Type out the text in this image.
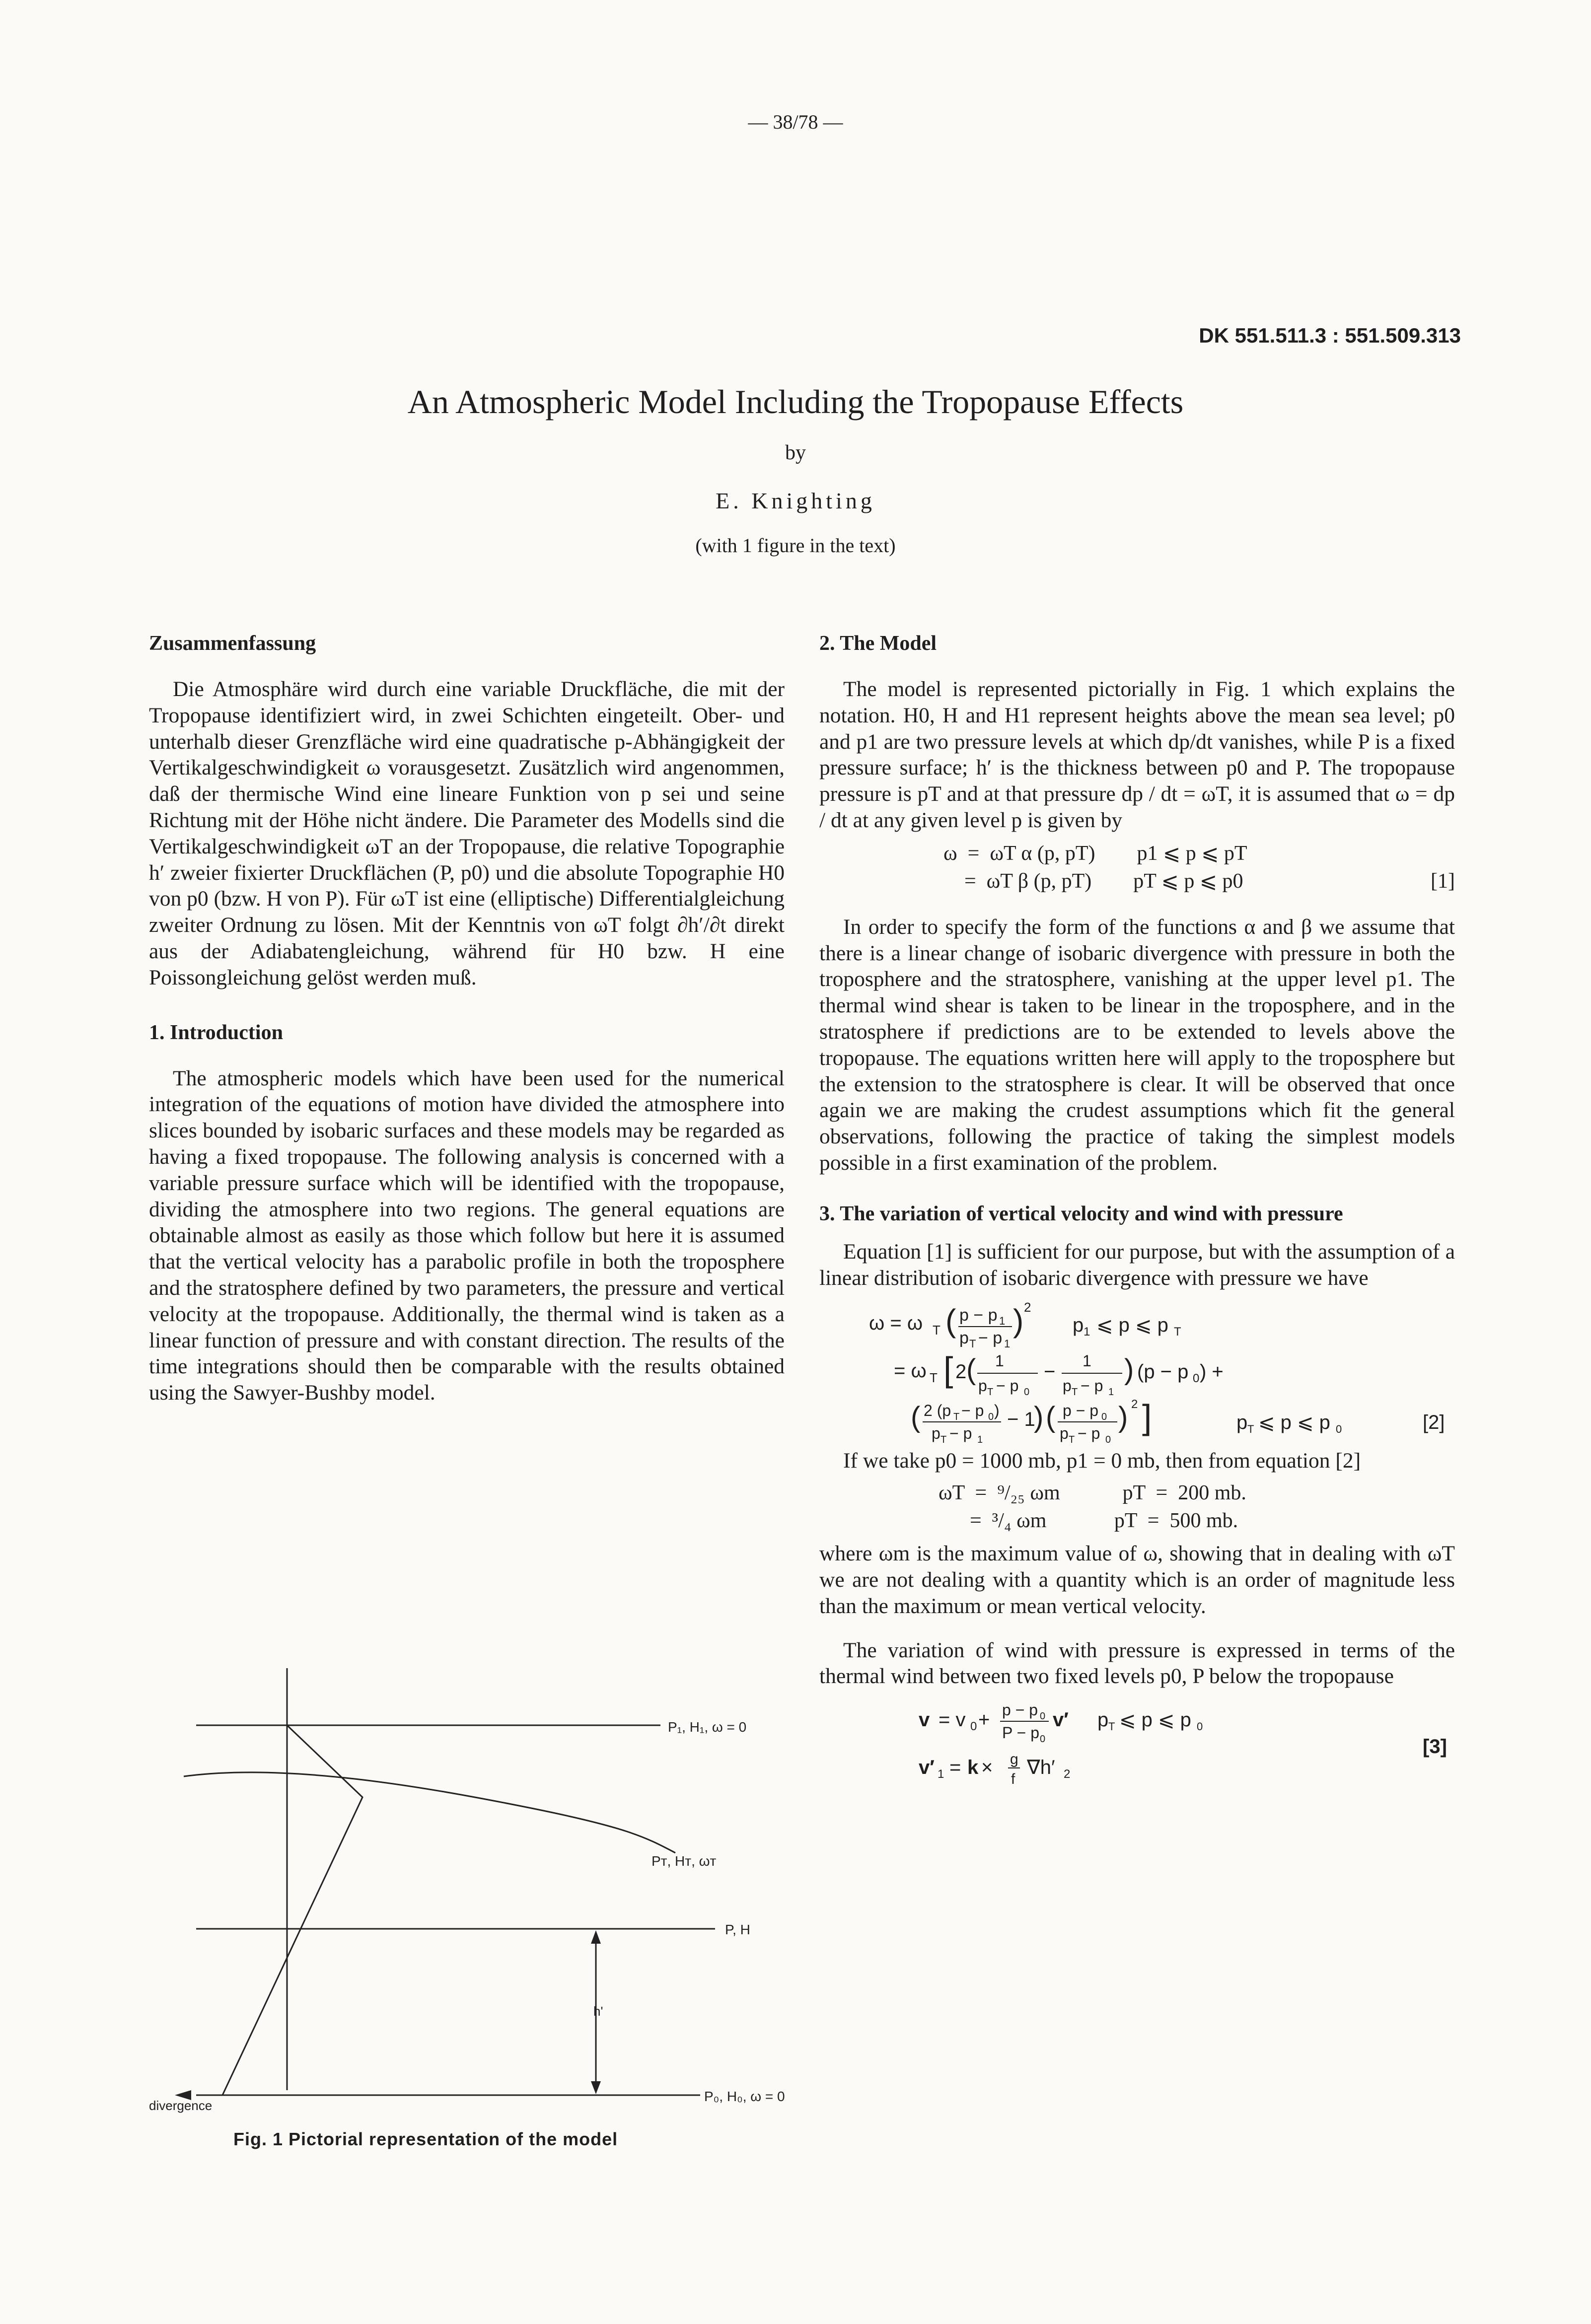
— 38/78 —
DK 551.511.3 : 551.509.313
An Atmospheric Model Including the Tropopause Effects
by
E. Knighting
(with 1 figure in the text)
Zusammenfassung

Die Atmosphäre wird durch eine variable Druckfläche, die mit der Tropopause identifiziert wird, in zwei Schichten eingeteilt. Ober- und unterhalb dieser Grenzfläche wird eine quadratische p-Abhängigkeit der Vertikalgeschwindigkeit ω vorausgesetzt. Zusätzlich wird angenommen, daß der thermische Wind eine lineare Funktion von p sei und seine Richtung mit der Höhe nicht ändere. Die Parameter des Modells sind die Vertikalgeschwindigkeit ωT an der Tropopause, die relative Topographie h′ zweier fixierter Druckflächen (P, p0) und die absolute Topographie H0 von p0 (bzw. H von P). Für ωT ist eine (elliptische) Differentialgleichung zweiter Ordnung zu lösen. Mit der Kenntnis von ωT folgt ∂h′/∂t direkt aus der Adiabatengleichung, während für H0 bzw. H eine Poissongleichung gelöst werden muß.

1. Introduction

The atmospheric models which have been used for the numerical integration of the equations of motion have divided the atmosphere into slices bounded by isobaric surfaces and these models may be regarded as having a fixed tropopause. The following analysis is concerned with a variable pressure surface which will be identified with the tropopause, dividing the atmosphere into two regions. The general equations are obtainable almost as easily as those which follow but here it is assumed that the vertical velocity has a parabolic profile in both the troposphere and the stratosphere defined by two parameters, the pressure and vertical velocity at the tropopause. Additionally, the thermal wind is taken as a linear function of pressure and with constant direction. The results of the time integrations should then be comparable with the results obtained using the Sawyer-Bushby model.

P₁, H₁, ω = 0
Pᴛ, Hᴛ, ωᴛ
P, H
h'
P₀, H₀, ω = 0
divergence
Fig. 1 Pictorial representation of the model
2. The Model

The model is represented pictorially in Fig. 1 which explains the notation. H0, H and H1 represent heights above the mean sea level; p0 and p1 are two pressure levels at which dp/dt vanishes, while P is a fixed pressure surface; h′ is the thickness between p0 and P. The tropopause pressure is pT and at that pressure dp / dt = ωT, it is assumed that ω = dp / dt at any given level p is given by

ω  =  ωT α (p, pT)        p1 ⩽ p ⩽ pT
=  ωT β (p, pT)        pT ⩽ p ⩽ p0	[1]

In order to specify the form of the functions α and β we assume that there is a linear change of isobaric divergence with pressure in both the troposphere and the stratosphere, vanishing at the upper level p1. The thermal wind shear is taken to be linear in the troposphere, and in the stratosphere if predictions are to be extended to levels above the tropopause. The equations written here will apply to the troposphere but the extension to the stratosphere is clear. It will be observed that once again we are making the crudest assumptions which fit the general observations, following the practice of taking the simplest models possible in a first examination of the problem.

3. The variation of vertical velocity and wind with pressure

Equation [1] is sufficient for our purpose, but with the assumption of a linear distribution of isobaric divergence with pressure we have

ω = ω T ( p − p 1
p T − p 1
) 2
p 1 ⩽ p ⩽ p T
= ω T [ 2 ( 1
p T − p 0
− 1
p T − p 1
) (p − p 0 ) +
( 2 (p T − p 0 )
p T − p 1
− 1
) ( p − p 0
p T − p 0
) 2 ]	p T ⩽ p ⩽ p 0	[2]

If we take p0 = 1000 mb, p1 = 0 mb, then from equation [2]

ωT  =  ⁹/₂₅ ωm            pT  =  200 mb.
=  ³/₄ ωm             pT  =  500 mb.

where ωm is the maximum value of ω, showing that in dealing with ωT we are not dealing with a quantity which is an order of magnitude less than the maximum or mean vertical velocity.

The variation of wind with pressure is expressed in terms of the thermal wind between two fixed levels p0, P below the tropopause

v = v 0 + p − p 0
P − p 0
v′ p T ⩽ p ⩽ p 0
v′ 1 = k × g
f
∇h′ 2
[3]
